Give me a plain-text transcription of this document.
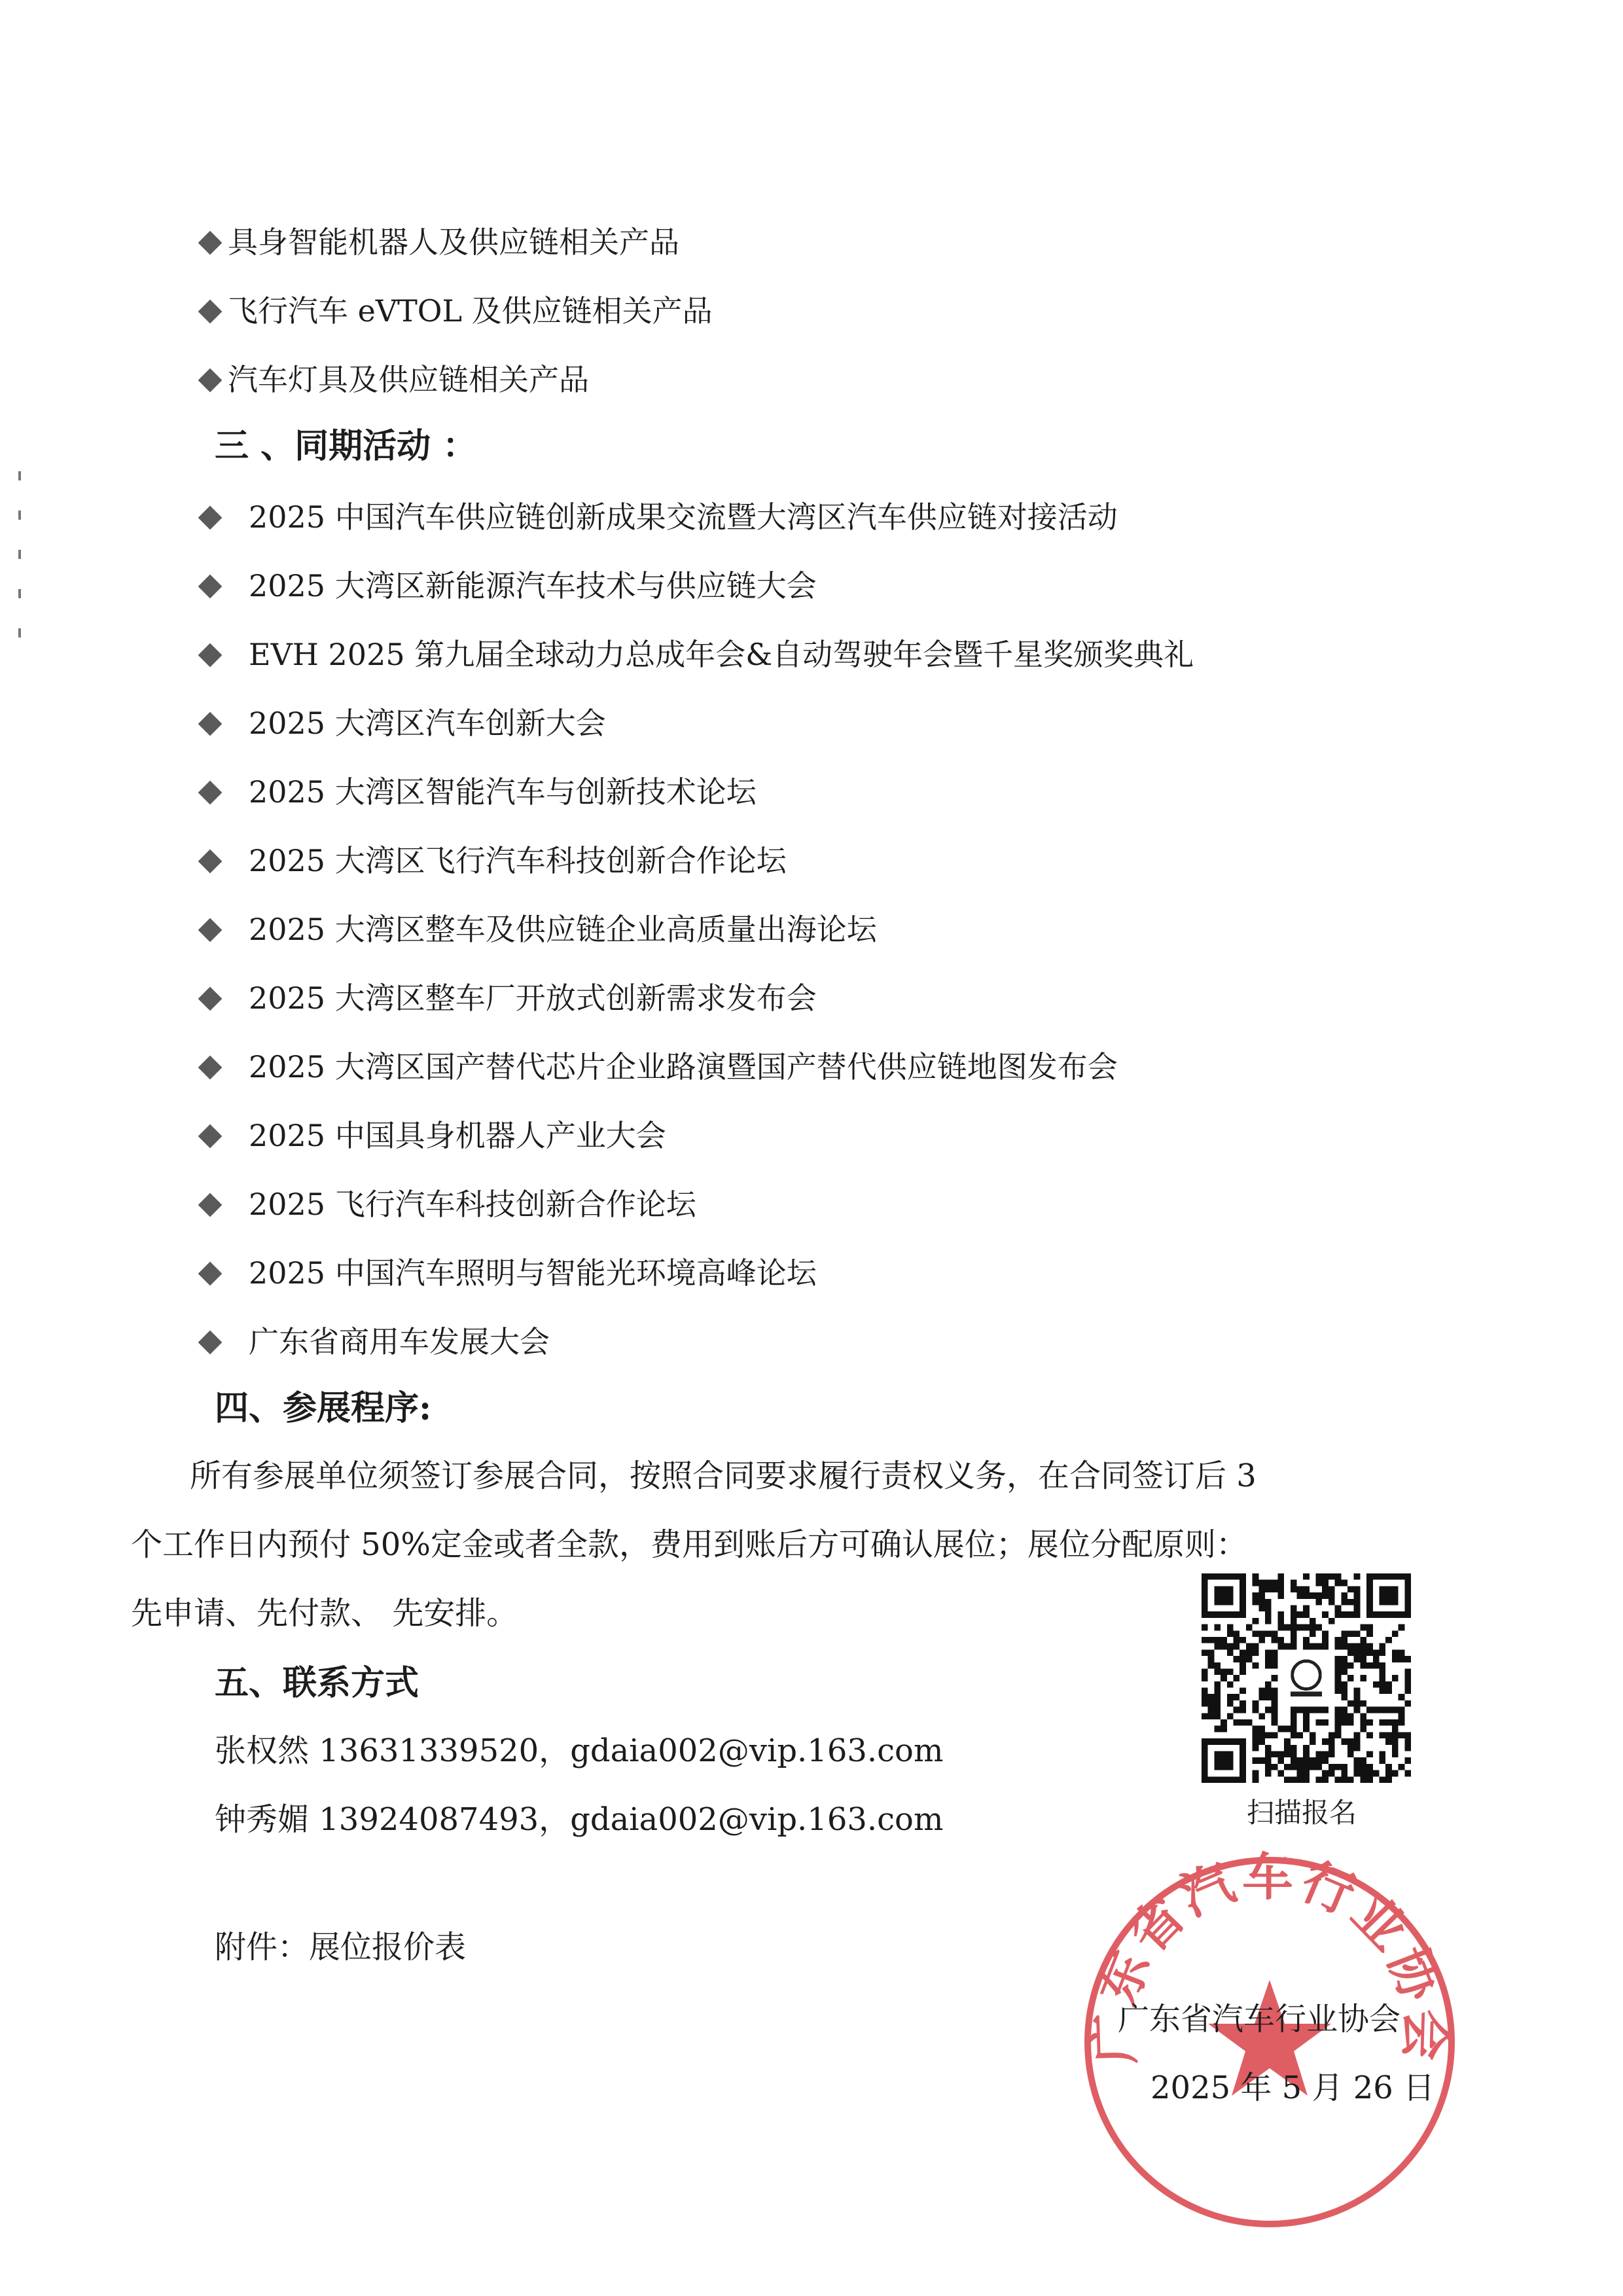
具身智能机器人及供应链相关产品
飞行汽车 eVTOL 及供应链相关产品
汽车灯具及供应链相关产品
三 、同期活动 ：
2025 中国汽车供应链创新成果交流暨大湾区汽车供应链对接活动
2025 大湾区新能源汽车技术与供应链大会
EVH 2025 第九届全球动力总成年会&自动驾驶年会暨千星奖颁奖典礼
2025 大湾区汽车创新大会
2025 大湾区智能汽车与创新技术论坛
2025 大湾区飞行汽车科技创新合作论坛
2025 大湾区整车及供应链企业高质量出海论坛
2025 大湾区整车厂开放式创新需求发布会
2025 大湾区国产替代芯片企业路演暨国产替代供应链地图发布会
2025 中国具身机器人产业大会
2025 飞行汽车科技创新合作论坛
2025 中国汽车照明与智能光环境高峰论坛
广东省商用车发展大会
四、参展程序:
所有参展单位须签订参展合同，按照合同要求履行责权义务，在合同签订后 3
个工作日内预付 50%定金或者全款，费用到账后方可确认展位；展位分配原则：
先申请、先付款、 先安排。
五、联系方式
张权然 13631339520，gdaia002@vip.163.com
钟秀媚 13924087493，gdaia002@vip.163.com	扫描报名
附件：展位报价表
广东省汽车行业协会
广东省汽车行业协会
2025 年 5 月 26 日
